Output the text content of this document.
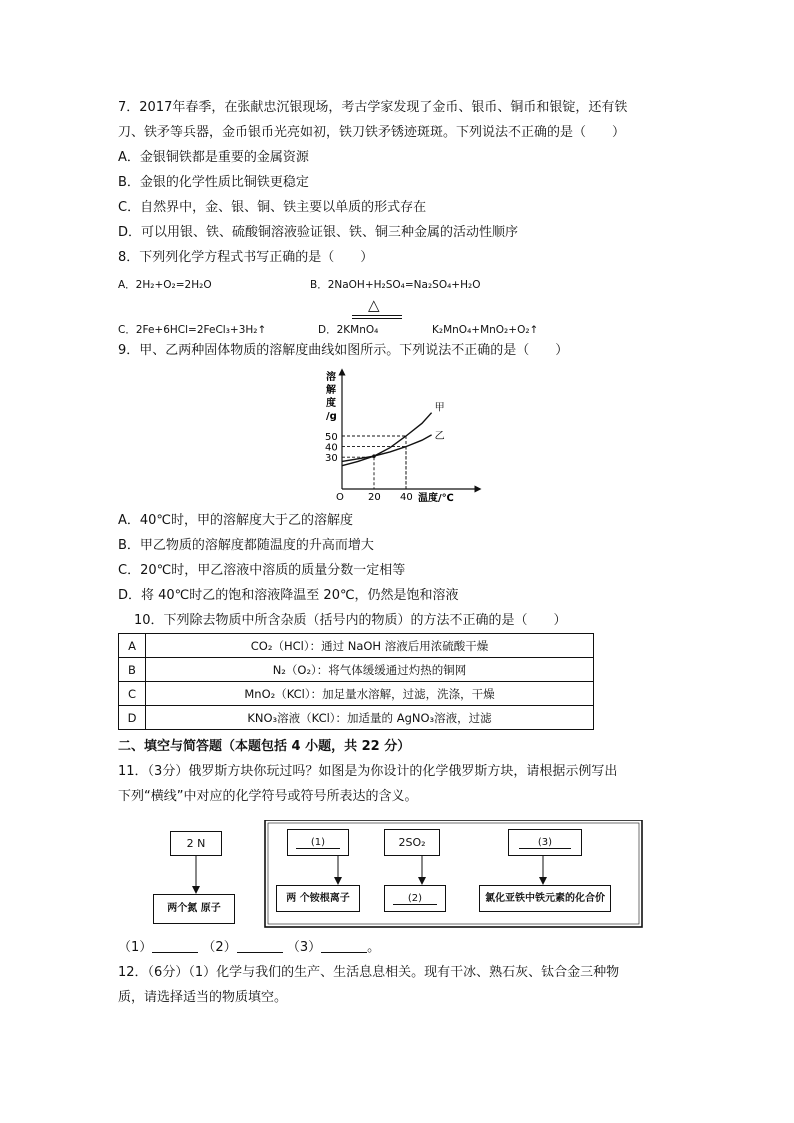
7．2017年春季，在张献忠沉银现场，考古学家发现了金币、银币、铜币和银锭，还有铁
刀、铁矛等兵器，金币银币光亮如初，铁刀铁矛锈迹斑斑。下列说法不正确的是（　　）
A．金银铜铁都是重要的金属资源
B．金银的化学性质比铜铁更稳定
C．自然界中，金、银、铜、铁主要以单质的形式存在
D．可以用银、铁、硫酸铜溶液验证银、铁、铜三种金属的活动性顺序
8．下列列化学方程式书写正确的是（　　）
A．2H₂+O₂=2H₂O	B．2NaOH+H₂SO₄=Na₂SO₄+H₂O
△
C．2Fe+6HCl=2FeCl₃+3H₂↑	D．2KMnO₄	K₂MnO₄+MnO₂+O₂↑
9．甲、乙两种固体物质的溶解度曲线如图所示。下列说法不正确的是（　　）
溶
解
度
/g
O	温度/℃
20 40
30
40
50
甲
乙
A．40℃时，甲的溶解度大于乙的溶解度
B．甲乙物质的溶解度都随温度的升高而增大
C．20℃时，甲乙溶液中溶质的质量分数一定相等
D．将 40℃时乙的饱和溶液降温至 20℃，仍然是饱和溶液
10．下列除去物质中所含杂质（括号内的物质）的方法不正确的是（　　）
A	CO₂（HCl）：通过 NaOH 溶液后用浓硫酸干燥
B	N₂（O₂）：将气体缓缓通过灼热的铜网
C	MnO₂（KCl）：加足量水溶解，过滤，洗涤，干燥
D	KNO₃溶液（KCl）：加适量的 AgNO₃溶液，过滤
二、填空与简答题（本题包括 4 小题，共 22 分）
11．（3分）俄罗斯方块你玩过吗？如图是为你设计的化学俄罗斯方块，请根据示例写出
下列“横线”中对应的化学符号或符号所表达的含义。
2 N
两个氮 原子
(1)
两 个铵根离子
2SO₂
(2)
(3)
氯化亚铁中铁元素的化合价
（1）	（2）	（3）	。
12．（6分）（1）化学与我们的生产、生活息息相关。现有干冰、熟石灰、钛合金三种物
质，请选择适当的物质填空。
